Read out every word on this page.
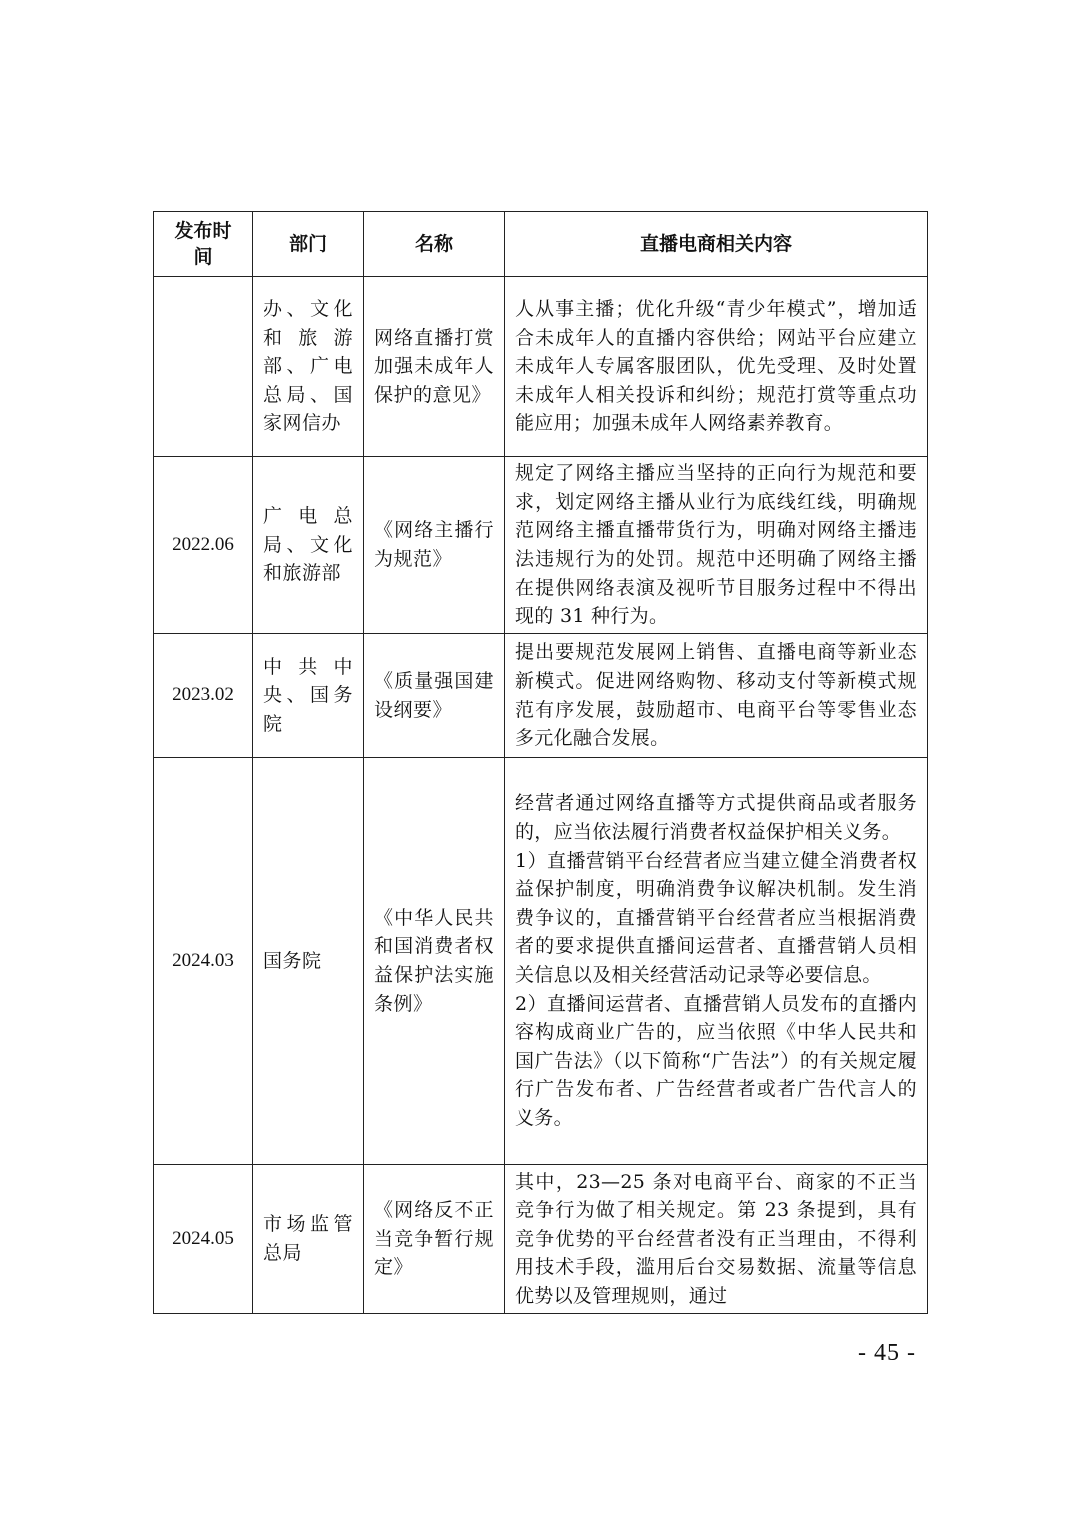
发布时间	部门	名称	直播电商相关内容
	办、文化和旅游部、广电总局、国家网信办	网络直播打赏加强未成年人保护的意见》	人从事主播；优化升级“青少年模式”，增加适合未成年人的直播内容供给；网站平台应建立未成年人专属客服团队，优先受理、及时处置未成年人相关投诉和纠纷；规范打赏等重点功能应用；加强未成年人网络素养教育。

2022.06	广电总局、文化和旅游部	《网络主播行为规范》	规定了网络主播应当坚持的正向行为规范和要求，划定网络主播从业行为底线红线，明确规范网络主播直播带货行为，明确对网络主播违法违规行为的处罚。规范中还明确了网络主播在提供网络表演及视听节目服务过程中不得出现的 31 种行为。

2023.02	中共中央、国务院	《质量强国建设纲要》	提出要规范发展网上销售、直播电商等新业态新模式。促进网络购物、移动支付等新模式规范有序发展，鼓励超市、电商平台等零售业态多元化融合发展。

2024.03	国务院	《中华人民共和国消费者权益保护法实施条例》	经营者通过网络直播等方式提供商品或者服务的，应当依法履行消费者权益保护相关义务。

1）直播营销平台经营者应当建立健全消费者权益保护制度，明确消费争议解决机制。发生消费争议的，直播营销平台经营者应当根据消费者的要求提供直播间运营者、直播营销人员相关信息以及相关经营活动记录等必要信息。

2）直播间运营者、直播营销人员发布的直播内容构成商业广告的，应当依照《中华人民共和国广告法》（以下简称“广告法”）的有关规定履行广告发布者、广告经营者或者广告代言人的义务。

2024.05	市场监管总局	《网络反不正当竞争暂行规定》	其中，23—25 条对电商平台、商家的不正当竞争行为做了相关规定。第 23 条提到，具有竞争优势的平台经营者没有正当理由，不得利用技术手段，滥用后台交易数据、流量等信息优势以及管理规则，通过

- 45 -
